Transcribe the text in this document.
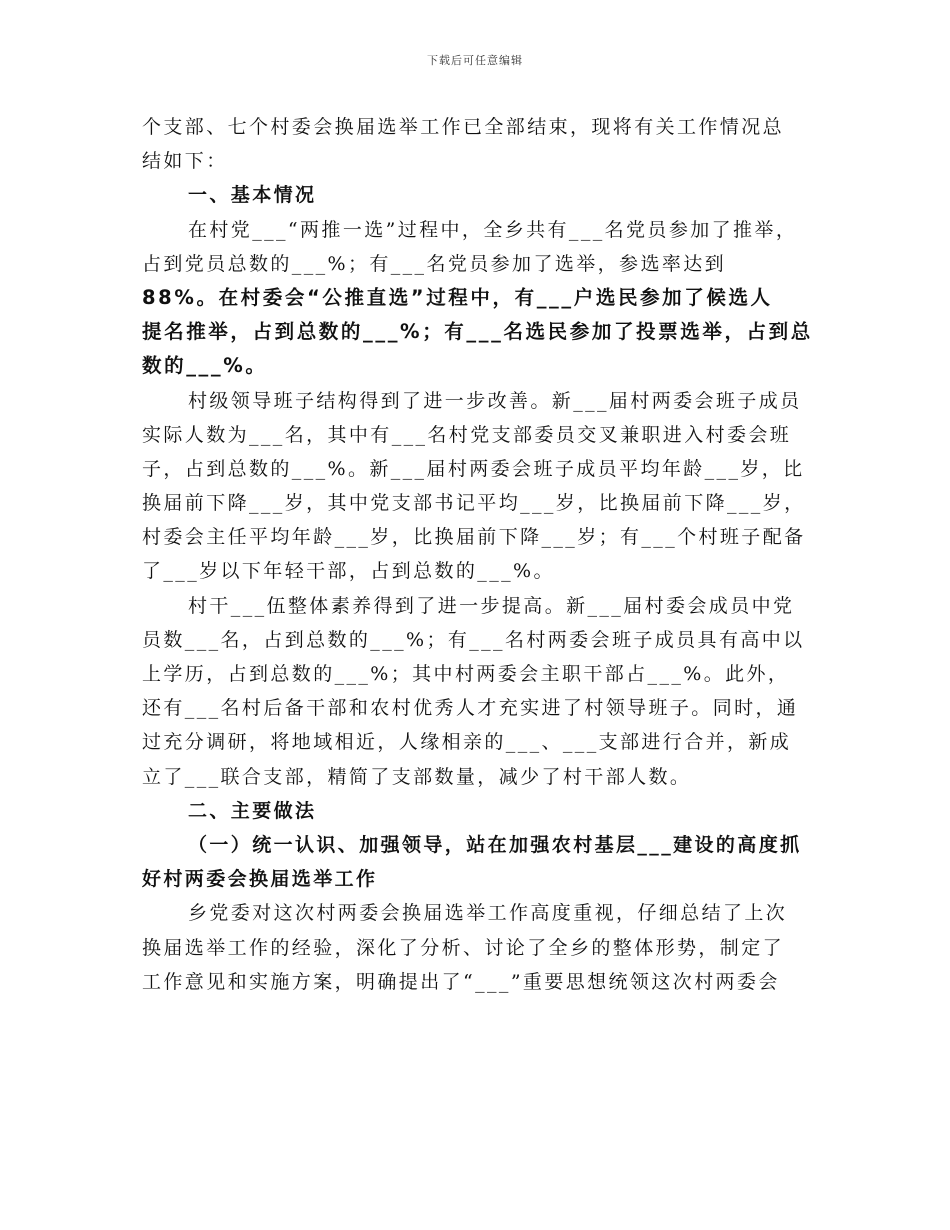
下载后可任意编辑
个支部、七个村委会换届选举工作已全部结束，现将有关工作情况总
结如下：
一、基本情况
在村党___“两推一选”过程中，全乡共有___名党员参加了推举，
占到党员总数的___%；有___名党员参加了选举，参选率达到
88%。在村委会“公推直选”过程中，有___户选民参加了候选人
提名推举，占到总数的___%；有___名选民参加了投票选举，占到总
数的___%。
村级领导班子结构得到了进一步改善。新___届村两委会班子成员
实际人数为___名，其中有___名村党支部委员交叉兼职进入村委会班
子，占到总数的___%。新___届村两委会班子成员平均年龄___岁，比
换届前下降___岁，其中党支部书记平均___岁，比换届前下降___岁，
村委会主任平均年龄___岁，比换届前下降___岁；有___个村班子配备
了___岁以下年轻干部，占到总数的___%。
村干___伍整体素养得到了进一步提高。新___届村委会成员中党
员数___名，占到总数的___%；有___名村两委会班子成员具有高中以
上学历，占到总数的___%；其中村两委会主职干部占___%。此外，
还有___名村后备干部和农村优秀人才充实进了村领导班子。同时，通
过充分调研，将地域相近，人缘相亲的___、___支部进行合并，新成
立了___联合支部，精简了支部数量，减少了村干部人数。
二、主要做法
（一）统一认识、加强领导，站在加强农村基层___建设的高度抓
好村两委会换届选举工作
乡党委对这次村两委会换届选举工作高度重视，仔细总结了上次
换届选举工作的经验，深化了分析、讨论了全乡的整体形势，制定了
工作意见和实施方案，明确提出了“___”重要思想统领这次村两委会
